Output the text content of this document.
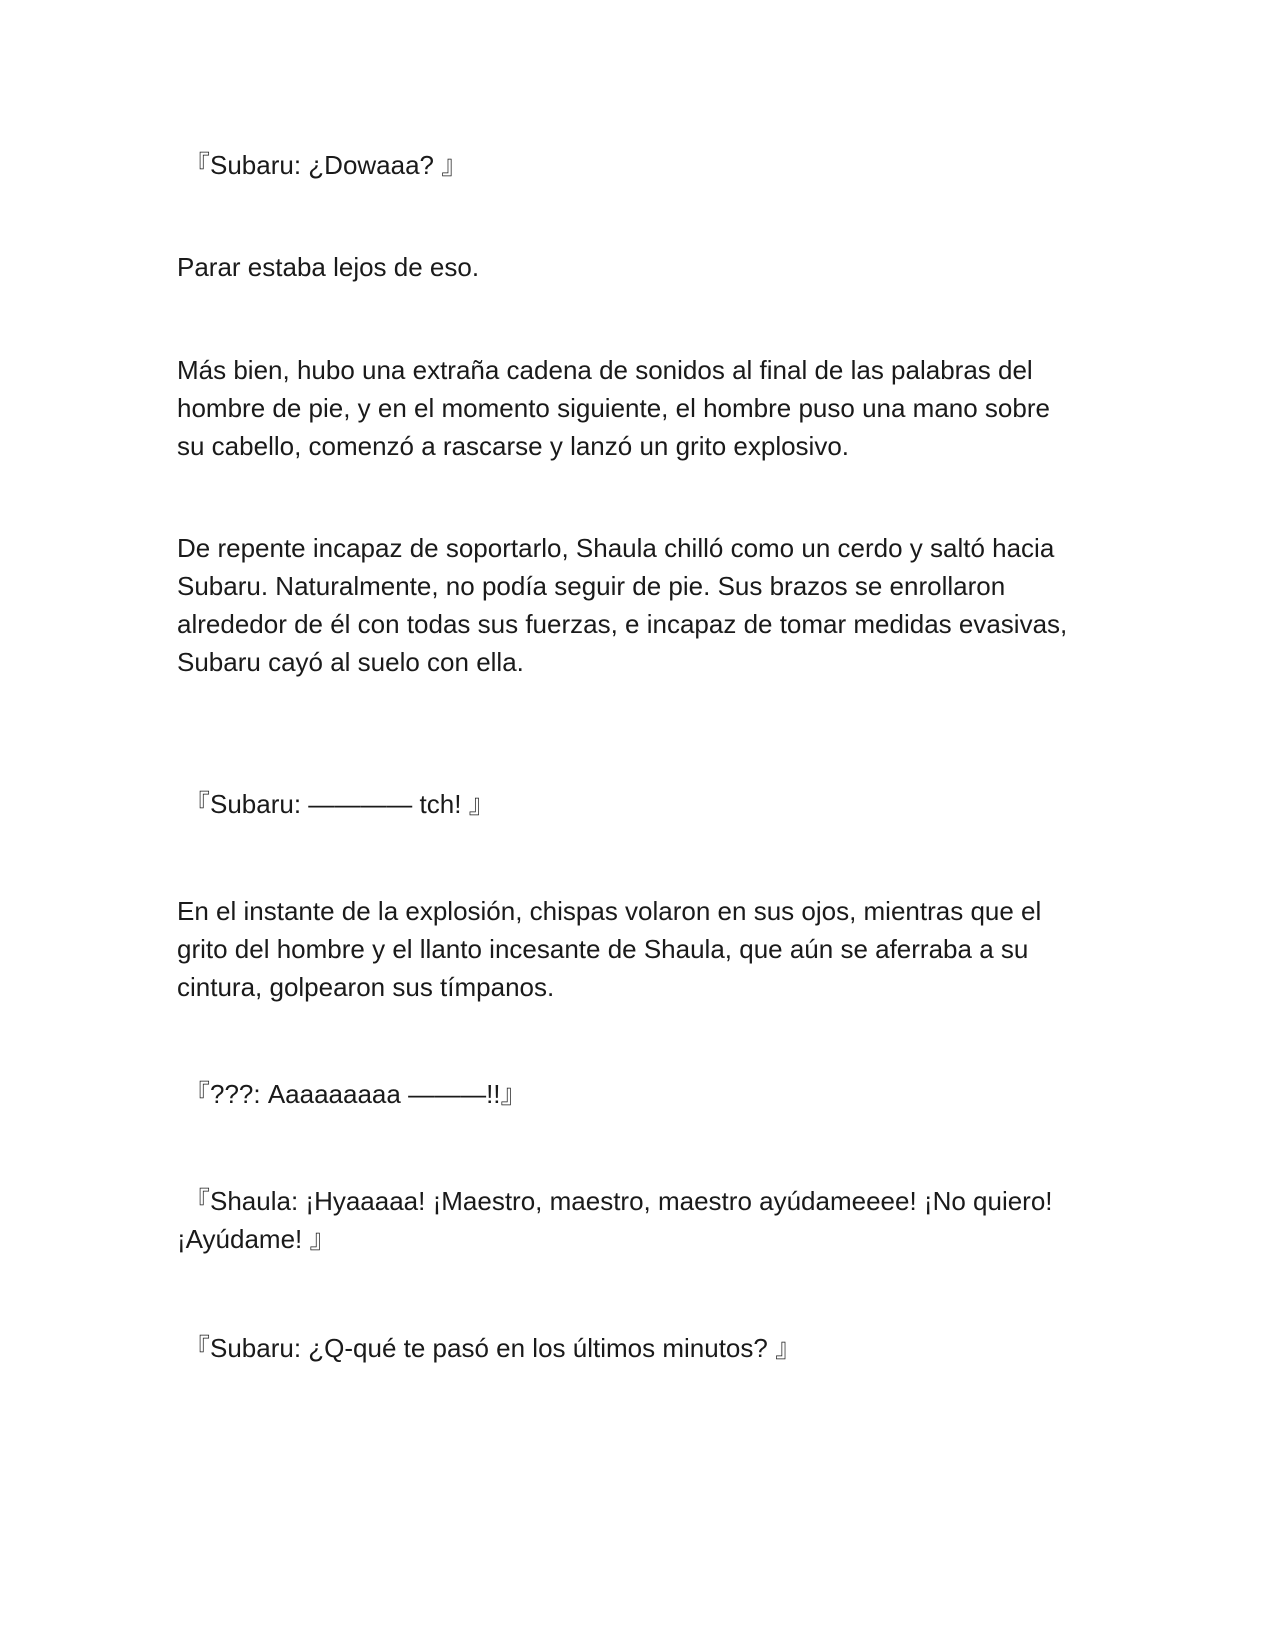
『Subaru: ¿Dowaaa? 』

Parar estaba lejos de eso.

Más bien, hubo una extraña cadena de sonidos al final de las palabras del
hombre de pie, y en el momento siguiente, el hombre puso una mano sobre
su cabello, comenzó a rascarse y lanzó un grito explosivo.

De repente incapaz de soportarlo, Shaula chilló como un cerdo y saltó hacia
Subaru. Naturalmente, no podía seguir de pie. Sus brazos se enrollaron
alrededor de él con todas sus fuerzas, e incapaz de tomar medidas evasivas,
Subaru cayó al suelo con ella.

『Subaru: ———— tch! 』

En el instante de la explosión, chispas volaron en sus ojos, mientras que el
grito del hombre y el llanto incesante de Shaula, que aún se aferraba a su
cintura, golpearon sus tímpanos.

『???: Aaaaaaaaa ———!!』

『Shaula: ¡Hyaaaaa! ¡Maestro, maestro, maestro ayúdameeee! ¡No quiero!
¡Ayúdame! 』

『Subaru: ¿Q-qué te pasó en los últimos minutos? 』
